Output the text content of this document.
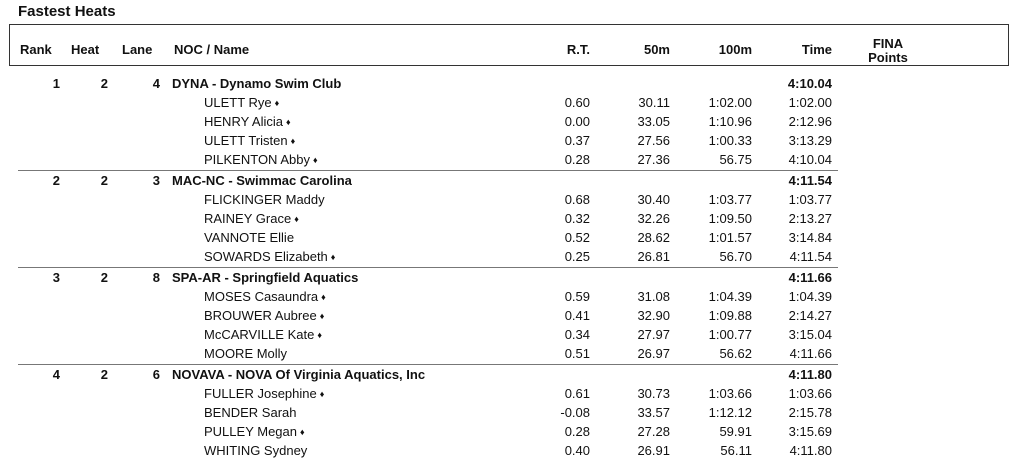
Fastest Heats
Rank Heat Lane NOC / Name	R.T.	50m	100m	Time	FINA
Points
1	2	4 DYNA - Dynamo Swim Club	4:10.04
ULETT Rye ♦	0.60	30.11	1:02.00	1:02.00
HENRY Alicia ♦	0.00	33.05	1:10.96	2:12.96
ULETT Tristen ♦	0.37	27.56	1:00.33	3:13.29
PILKENTON Abby ♦	0.28	27.36	56.75	4:10.04
2	2	3 MAC-NC - Swimmac Carolina	4:11.54
FLICKINGER Maddy	0.68	30.40	1:03.77	1:03.77
RAINEY Grace ♦	0.32	32.26	1:09.50	2:13.27
VANNOTE Ellie	0.52	28.62	1:01.57	3:14.84
SOWARDS Elizabeth ♦	0.25	26.81	56.70	4:11.54
3	2	8 SPA-AR - Springfield Aquatics	4:11.66
MOSES Casaundra ♦	0.59	31.08	1:04.39	1:04.39
BROUWER Aubree ♦	0.41	32.90	1:09.88	2:14.27
McCARVILLE Kate ♦	0.34	27.97	1:00.77	3:15.04
MOORE Molly	0.51	26.97	56.62	4:11.66
4	2	6 NOVAVA - NOVA Of Virginia Aquatics, Inc	4:11.80
FULLER Josephine ♦	0.61	30.73	1:03.66	1:03.66
BENDER Sarah	-0.08	33.57	1:12.12	2:15.78
PULLEY Megan ♦	0.28	27.28	59.91	3:15.69
WHITING Sydney	0.40	26.91	56.11	4:11.80
